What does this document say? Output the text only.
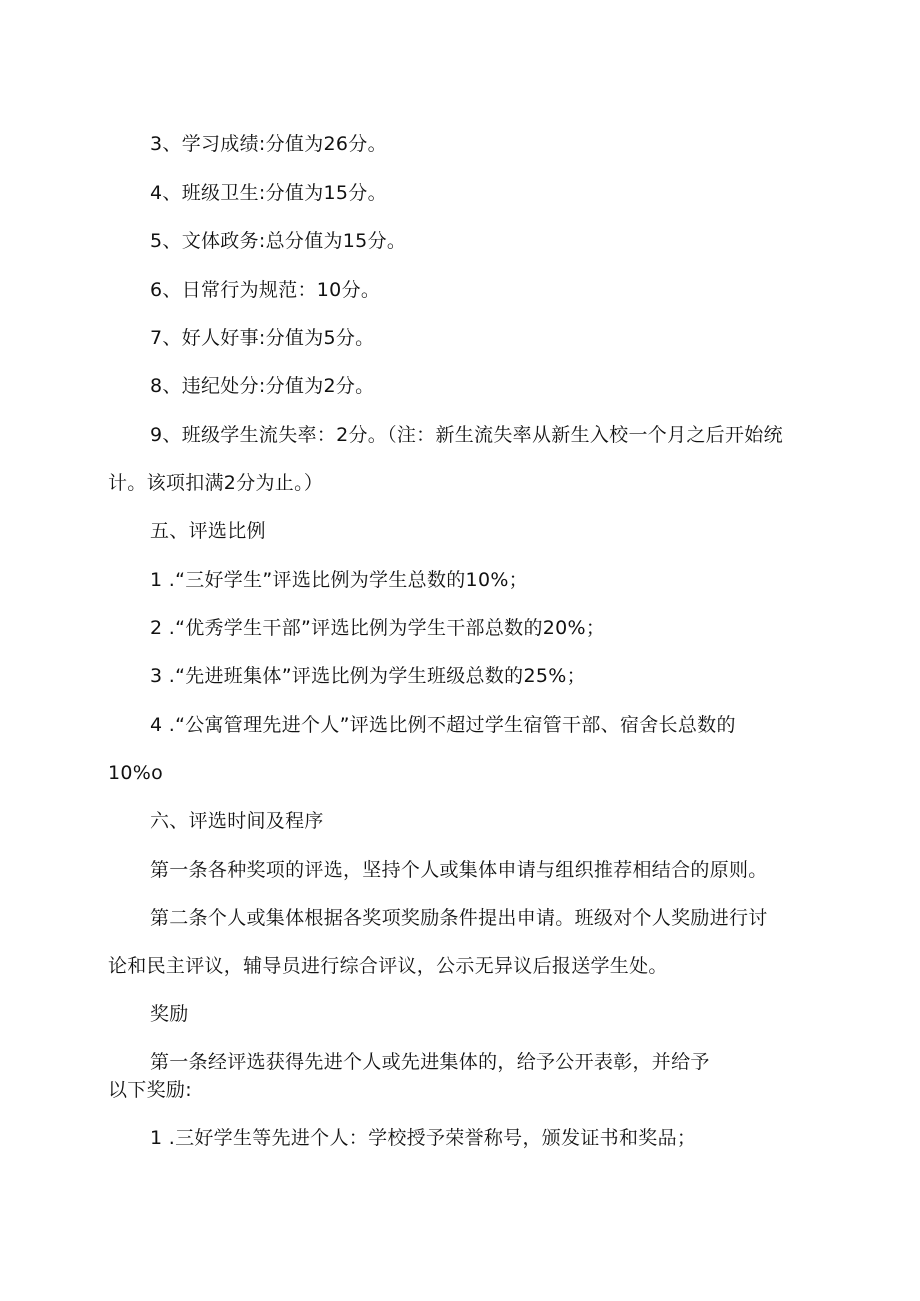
3、学习成绩:分值为26分。
4、班级卫生:分值为15分。
5、文体政务:总分值为15分。
6、日常行为规范：10分。
7、好人好事:分值为5分。
8、违纪处分:分值为2分。
9、班级学生流失率：2分。（注：新生流失率从新生入校一个月之后开始统
计。该项扣满2分为止。）
五、评选比例
1 .“三好学生”评选比例为学生总数的10%；
2 .“优秀学生干部”评选比例为学生干部总数的20%；
3 .“先进班集体”评选比例为学生班级总数的25%；
4 .“公寓管理先进个人”评选比例不超过学生宿管干部、宿舍长总数的
10%o
六、评选时间及程序
第一条各种奖项的评选，坚持个人或集体申请与组织推荐相结合的原则。
第二条个人或集体根据各奖项奖励条件提出申请。班级对个人奖励进行讨
论和民主评议，辅导员进行综合评议，公示无异议后报送学生处。
奖励
第一条经评选获得先进个人或先进集体的，给予公开表彰，并给予
以下奖励:
1 .三好学生等先进个人：学校授予荣誉称号，颁发证书和奖品；
